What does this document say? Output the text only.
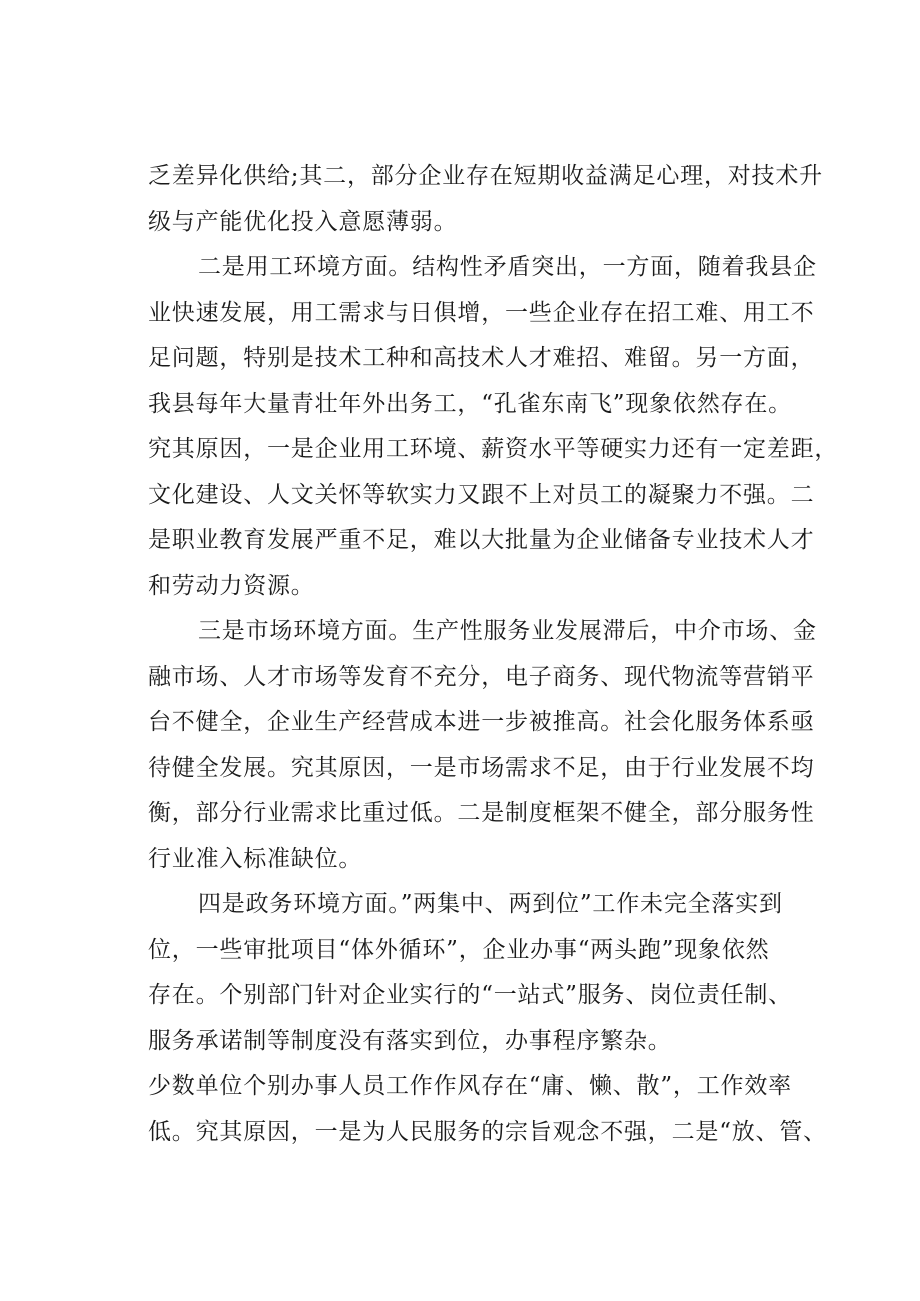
乏差异化供给;其二，部分企业存在短期收益满足心理，对技术升
级与产能优化投入意愿薄弱。
二是用工环境方面。结构性矛盾突出，一方面，随着我县企
业快速发展，用工需求与日俱增，一些企业存在招工难、用工不
足问题，特别是技术工种和高技术人才难招、难留。另一方面，
我县每年大量青壮年外出务工，“孔雀东南飞”现象依然存在。
究其原因，一是企业用工环境、薪资水平等硬实力还有一定差距，
文化建设、人文关怀等软实力又跟不上对员工的凝聚力不强。二
是职业教育发展严重不足，难以大批量为企业储备专业技术人才
和劳动力资源。
三是市场环境方面。生产性服务业发展滞后，中介市场、金
融市场、人才市场等发育不充分，电子商务、现代物流等营销平
台不健全，企业生产经营成本进一步被推高。社会化服务体系亟
待健全发展。究其原因，一是市场需求不足，由于行业发展不均
衡，部分行业需求比重过低。二是制度框架不健全，部分服务性
行业准入标准缺位。
四是政务环境方面。”两集中、两到位”工作未完全落实到
位，一些审批项目“体外循环”，企业办事“两头跑”现象依然
存在。个别部门针对企业实行的“一站式”服务、岗位责任制、
服务承诺制等制度没有落实到位，办事程序繁杂。
少数单位个别办事人员工作作风存在“庸、懒、散”，工作效率
低。究其原因，一是为人民服务的宗旨观念不强，二是“放、管、
